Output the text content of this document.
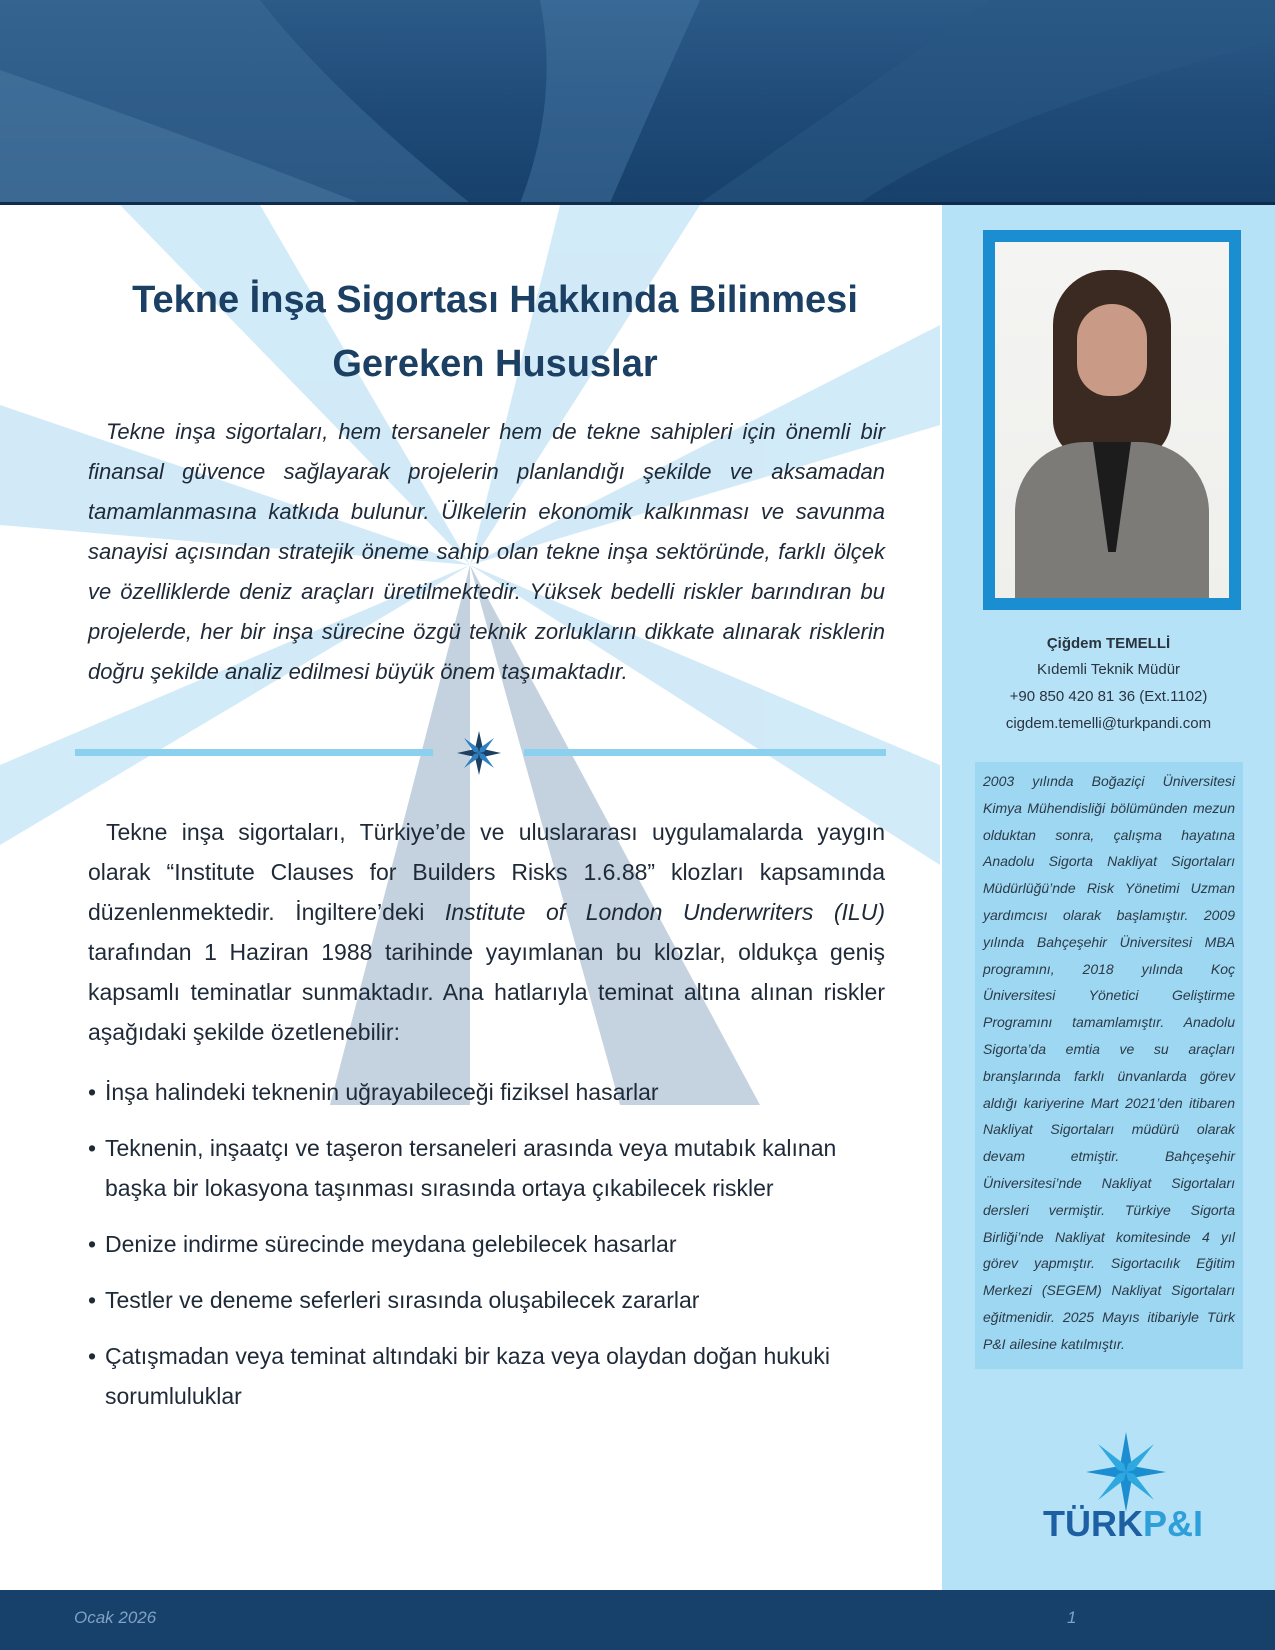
Çiğdem TEMELLİ
Kıdemli Teknik Müdür
+90 850 420 81 36 (Ext.1102)
cigdem.temelli@turkpandi.com
2003 yılında Boğaziçi Üniversitesi Kimya Mühendisliği bölümünden mezun olduktan sonra, çalışma hayatına Anadolu Sigorta Nakliyat Sigortaları Müdürlüğü’nde Risk Yönetimi Uzman yardımcısı olarak başlamıştır. 2009 yılında Bahçeşehir Üniversitesi MBA programını, 2018 yılında Koç Üniversitesi Yönetici Geliştirme Programını tamamlamıştır. Anadolu Sigorta’da emtia ve su araçları branşlarında farklı ünvanlarda görev aldığı kariyerine Mart 2021’den itibaren Nakliyat Sigortaları müdürü olarak devam etmiştir. Bahçeşehir Üniversitesi’nde Nakliyat Sigortaları dersleri vermiştir. Türkiye Sigorta Birliği’nde Nakliyat komitesinde 4 yıl görev yapmıştır. Sigortacılık Eğitim Merkezi (SEGEM) Nakliyat Sigortaları eğitmenidir. 2025 Mayıs itibariyle Türk P&I ailesine katılmıştır.
TÜRKP&I
Tekne İnşa Sigortası Hakkında Bilinmesi
Gereken Hususlar
Tekne inşa sigortaları, hem tersaneler hem de tekne sahipleri için önemli bir finansal güvence sağlayarak projelerin planlandığı şekilde ve aksamadan tamamlanmasına katkıda bulunur. Ülkelerin ekonomik kalkınması ve savunma sanayisi açısından stratejik öneme sahip olan tekne inşa sektöründe, farklı ölçek ve özelliklerde deniz araçları üretilmektedir. Yüksek bedelli riskler barındıran bu projelerde, her bir inşa sürecine özgü teknik zorlukların dikkate alınarak risklerin doğru şekilde analiz edilmesi büyük önem taşımaktadır.
Tekne inşa sigortaları, Türkiye’de ve uluslararası uygulamalarda yaygın olarak “Institute Clauses for Builders Risks 1.6.88” klozları kapsamında düzenlenmektedir. İngiltere’deki Institute of London Underwriters (ILU) tarafından 1 Haziran 1988 tarihinde yayımlanan bu klozlar, oldukça geniş kapsamlı teminatlar sunmaktadır. Ana hatlarıyla teminat altına alınan riskler aşağıdaki şekilde özetlenebilir:
• İnşa halindeki teknenin uğrayabileceği fiziksel hasarlar
• Teknenin, inşaatçı ve taşeron tersaneleri arasında veya mutabık kalınan başka bir lokasyona taşınması sırasında ortaya çıkabilecek riskler
• Denize indirme sürecinde meydana gelebilecek hasarlar
• Testler ve deneme seferleri sırasında oluşabilecek zararlar
• Çatışmadan veya teminat altındaki bir kaza veya olaydan doğan hukuki sorumluluklar
Ocak 2026	1
